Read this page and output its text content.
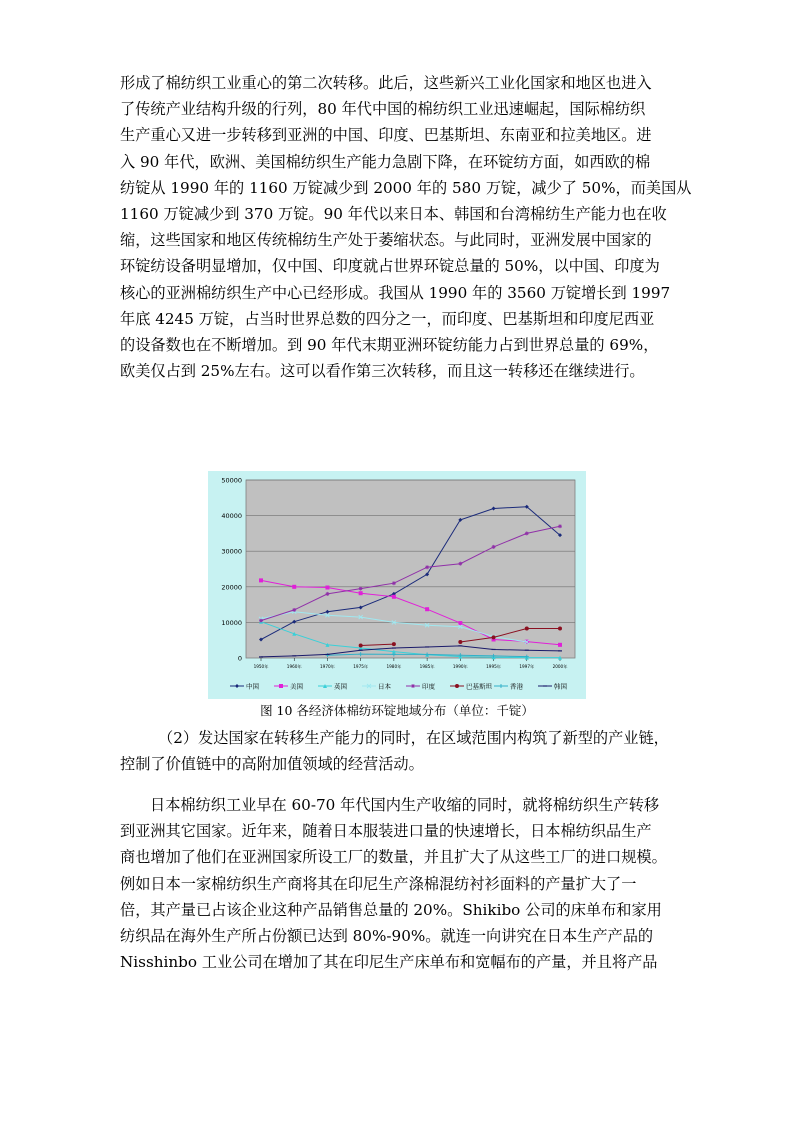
形成了棉纺织工业重心的第二次转移。此后，这些新兴工业化国家和地区也进入
了传统产业结构升级的行列，80 年代中国的棉纺织工业迅速崛起，国际棉纺织
生产重心又进一步转移到亚洲的中国、印度、巴基斯坦、东南亚和拉美地区。进
入 90 年代，欧洲、美国棉纺织生产能力急剧下降，在环锭纺方面，如西欧的棉
纺锭从 1990 年的 1160 万锭减少到 2000 年的 580 万锭，减少了 50%，而美国从
1160 万锭减少到 370 万锭。90 年代以来日本、韩国和台湾棉纺生产能力也在收
缩，这些国家和地区传统棉纺生产处于萎缩状态。与此同时，亚洲发展中国家的
环锭纺设备明显增加，仅中国、印度就占世界环锭总量的 50%，以中国、印度为
核心的亚洲棉纺织生产中心已经形成。我国从 1990 年的 3560 万锭增长到 1997
年底 4245 万锭，占当时世界总数的四分之一，而印度、巴基斯坦和印度尼西亚
的设备数也在不断增加。到 90 年代末期亚洲环锭纺能力占到世界总量的 69%，
欧美仅占到 25%左右。这可以看作第三次转移，而且这一转移还在继续进行。
0
10000
20000
30000
40000
50000
1950年	1960年	1970年	1975年	1980年	1985年	1990年	1995年	1997年	2000年
中国	美国	英国	日本	印度	巴基斯坦	香港	韩国
图 10 各经济体棉纺环锭地域分布（单位：千锭）
（2）发达国家在转移生产能力的同时，在区域范围内构筑了新型的产业链，
控制了价值链中的高附加值领域的经营活动。
日本棉纺织工业早在 60-70 年代国内生产收缩的同时，就将棉纺织生产转移
到亚洲其它国家。近年来，随着日本服装进口量的快速增长，日本棉纺织品生产
商也增加了他们在亚洲国家所设工厂的数量，并且扩大了从这些工厂的进口规模。
例如日本一家棉纺织生产商将其在印尼生产涤棉混纺衬衫面料的产量扩大了一
倍，其产量已占该企业这种产品销售总量的 20%。Shikibo 公司的床单布和家用
纺织品在海外生产所占份额已达到 80%-90%。就连一向讲究在日本生产产品的
Nisshinbo 工业公司在增加了其在印尼生产床单布和宽幅布的产量，并且将产品
